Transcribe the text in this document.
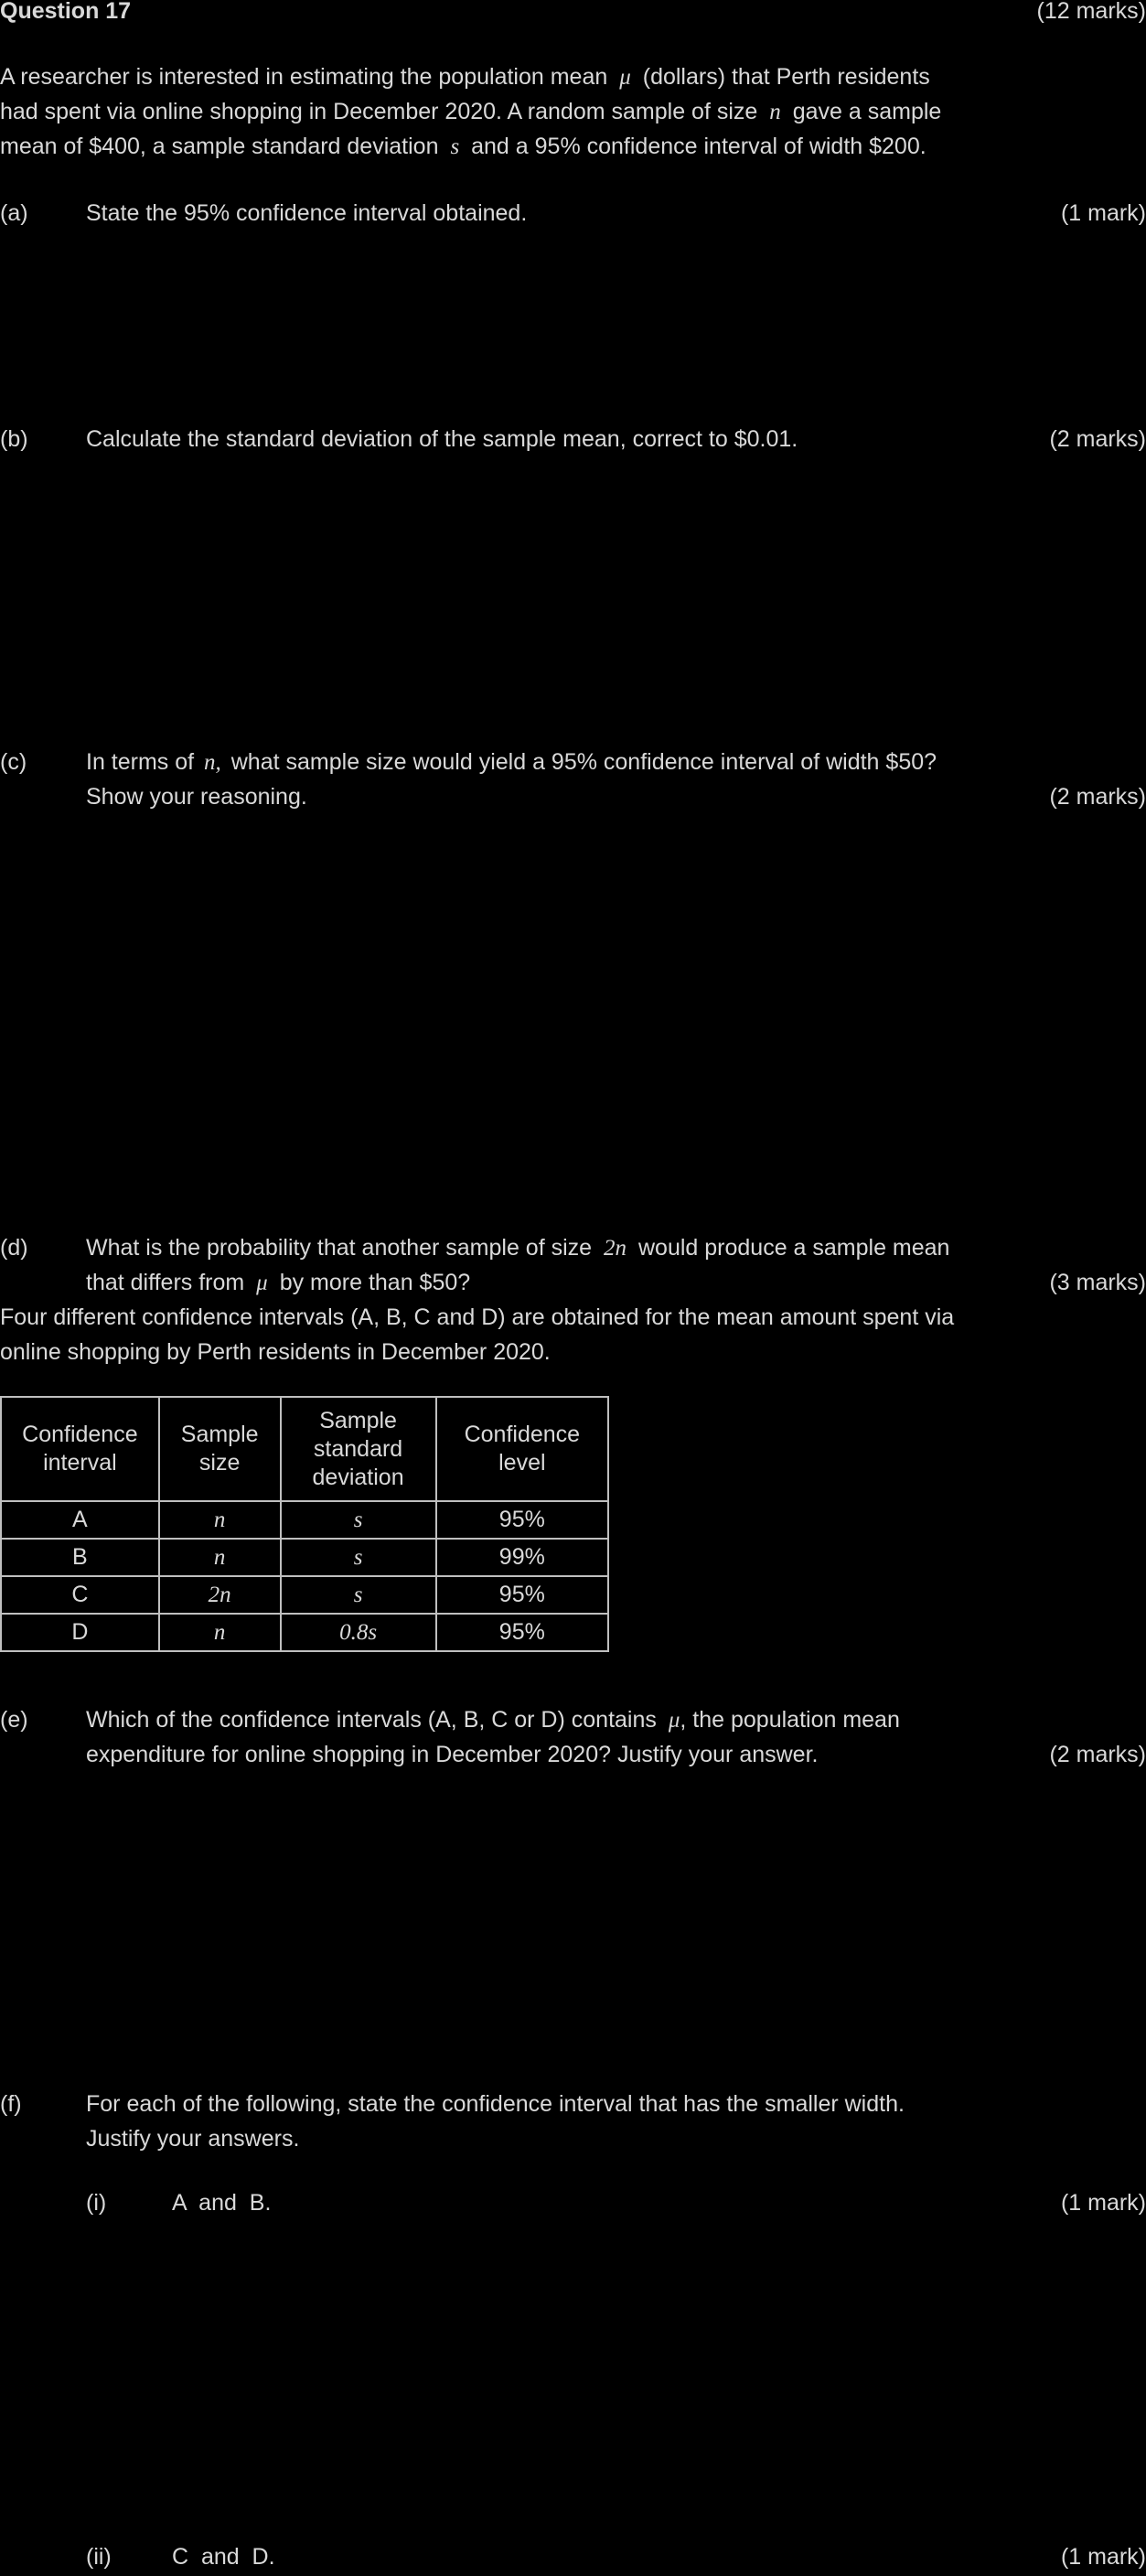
Question 17	(12 marks)
A researcher is interested in estimating the population mean μ (dollars) that Perth residents
had spent via online shopping in December 2020. A random sample of size n gave a sample
mean of $400, a sample standard deviation s and a 95% confidence interval of width $200.
(a)	State the 95% confidence interval obtained.	(1 mark)
(b)	Calculate the standard deviation of the sample mean, correct to $0.01.	(2 marks)
(c)	In terms of n, what sample size would yield a 95% confidence interval of width $50?
Show your reasoning.	(2 marks)
(d)	What is the probability that another sample of size 2n would produce a sample mean
that differs from μ by more than $50?	(3 marks)
Four different confidence intervals (A, B, C and D) are obtained for the mean amount spent via
online shopping by Perth residents in December 2020.
Confidence
interval	Sample
size	Sample
standard
deviation	Confidence
level
A	n	s	95%
B	n	s	99%
C	2n	s	95%
D	n	0.8s	95%
(e)	Which of the confidence intervals (A, B, C or D) contains μ, the population mean
expenditure for online shopping in December 2020? Justify your answer.	(2 marks)
(f)	For each of the following, state the confidence interval that has the smaller width.
Justify your answers.
(i)	A  and  B.	(1 mark)
(ii)	C  and  D.	(1 mark)
